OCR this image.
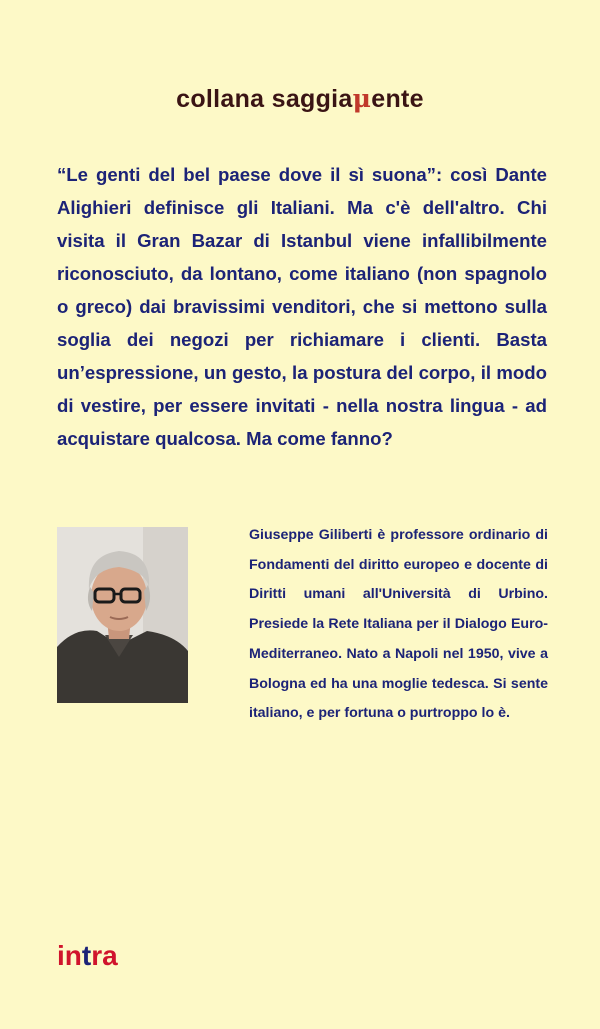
collana saggiaμente
“Le genti del bel paese dove il sì suona”: così Dante Alighieri definisce gli Italiani. Ma c'è dell'altro. Chi visita il Gran Bazar di Istanbul viene infallibilmente riconosciuto, da lontano, come italiano (non spagnolo o greco) dai bravissimi venditori, che si mettono sulla soglia dei negozi per richiamare i clienti. Basta un’espressione, un gesto, la postura del corpo, il modo di vestire, per essere invitati - nella nostra lingua - ad acquistare qualcosa. Ma come fanno?
Giuseppe Giliberti è professore ordinario di Fondamenti del diritto europeo e docente di Diritti umani all'Università di Urbino. Presiede la Rete Italiana per il Dialogo Euro-Mediterraneo. Nato a Napoli nel 1950, vive a Bologna ed ha una moglie tedesca. Si sente italiano, e per fortuna o purtroppo lo è.
intra
